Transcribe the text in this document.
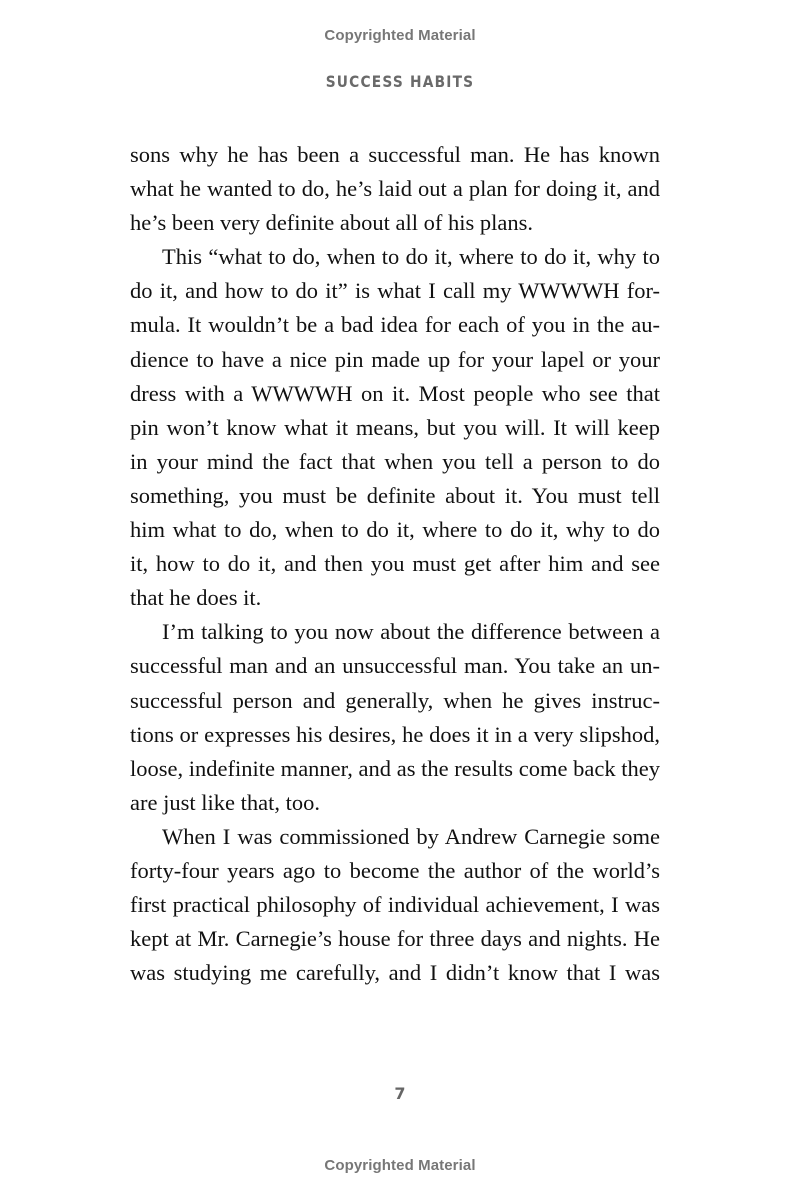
Copyrighted Material
SUCCESS HABITS
sons why he has been a successful man. He has known
what he wanted to do, he’s laid out a plan for doing it, and
he’s been very definite about all of his plans.
This “what to do, when to do it, where to do it, why to
do it, and how to do it” is what I call my WWWWH for-
mula. It wouldn’t be a bad idea for each of you in the au-
dience to have a nice pin made up for your lapel or your
dress with a WWWWH on it. Most people who see that
pin won’t know what it means, but you will. It will keep
in your mind the fact that when you tell a person to do
something, you must be definite about it. You must tell
him what to do, when to do it, where to do it, why to do
it, how to do it, and then you must get after him and see
that he does it.
I’m talking to you now about the difference between a
successful man and an unsuccessful man. You take an un-
successful person and generally, when he gives instruc-
tions or expresses his desires, he does it in a very slipshod,
loose, indefinite manner, and as the results come back they
are just like that, too.
When I was commissioned by Andrew Carnegie some
forty-four years ago to become the author of the world’s
first practical philosophy of individual achievement, I was
kept at Mr. Carnegie’s house for three days and nights. He
was studying me carefully, and I didn’t know that I was
7
Copyrighted Material
